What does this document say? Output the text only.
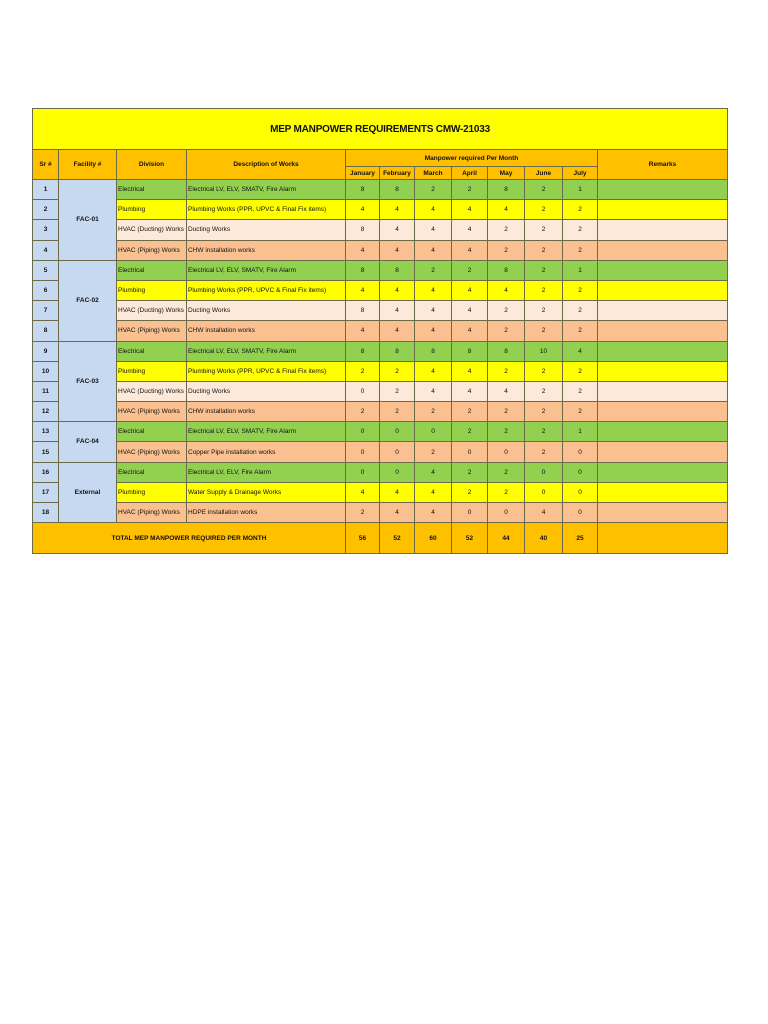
MEP MANPOWER REQUIREMENTS CMW-21033											
Sr #	Facility #	Division	Description of Works	Manpower required Per Month							Remarks
				January	February	March	April	May	June	July	
1	FAC-01	Electrical	Electrical LV, ELV, SMATV, Fire Alarm	8	8	2	2	8	2	1	
2		Plumbing	Plumbing Works (PPR, UPVC & Final Fix items)	4	4	4	4	4	2	2	
3		HVAC (Ducting) Works	Ducting Works	8	4	4	4	2	2	2	
4		HVAC (Piping) Works	CHW installation works	4	4	4	4	2	2	2	
5	FAC-02	Electrical	Electrical LV, ELV, SMATV, Fire Alarm	8	8	2	2	8	2	1	
6		Plumbing	Plumbing Works (PPR, UPVC & Final Fix items)	4	4	4	4	4	2	2	
7		HVAC (Ducting) Works	Ducting Works	8	4	4	4	2	2	2	
8		HVAC (Piping) Works	CHW installation works	4	4	4	4	2	2	2	
9	FAC-03	Electrical	Electrical LV, ELV, SMATV, Fire Alarm	8	8	8	8	8	10	4	
10		Plumbing	Plumbing Works (PPR, UPVC & Final Fix items)	2	2	4	4	2	2	2	
11		HVAC (Ducting) Works	Ducting Works	0	2	4	4	4	2	2	
12		HVAC (Piping) Works	CHW installation works	2	2	2	2	2	2	2	
13	FAC-04	Electrical	Electrical LV, ELV, SMATV, Fire Alarm	0	0	0	2	2	2	1	
15		HVAC (Piping) Works	Copper Pipe installation works	0	0	2	0	0	2	0	
16	External	Electrical	Electrical LV, ELV, Fire Alarm	0	0	4	2	2	0	0	
17		Plumbing	Water Supply & Drainage Works	4	4	4	2	2	0	0	
18		HVAC (Piping) Works	HDPE installation works	2	4	4	0	0	4	0	
TOTAL MEP MANPOWER REQUIRED PER MONTH				56	52	60	52	44	40	25	
